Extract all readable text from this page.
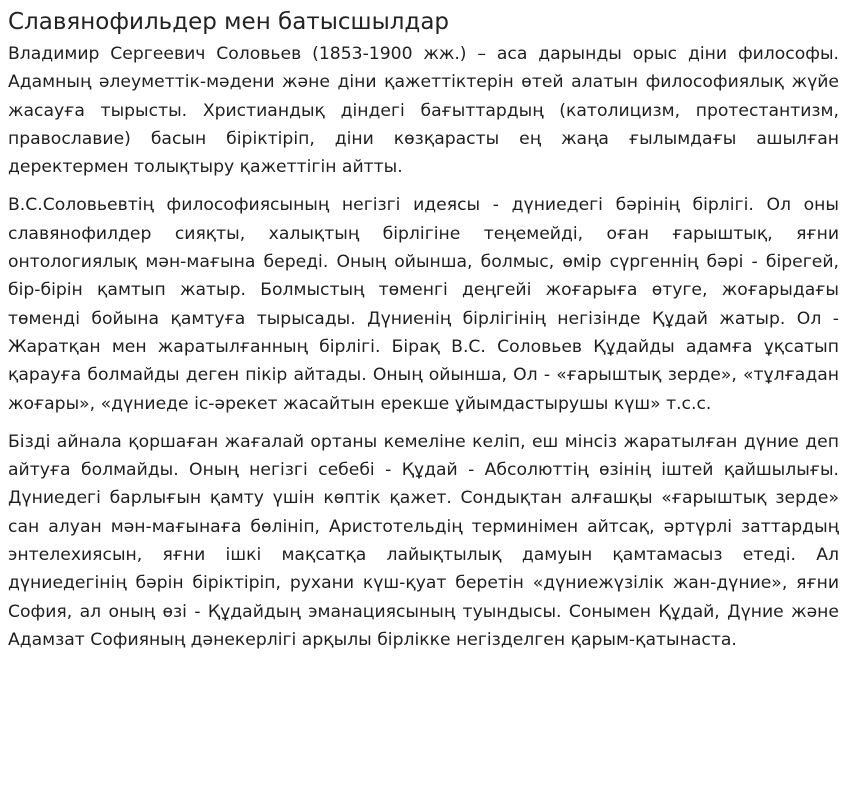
Славянофильдер мен батысшылдар

Владимир Сергеевич Соловьев (1853-1900 жж.) – аса дарынды орыс діни философы. Адамның әлеуметтік-мәдени және діни қажеттіктерін өтей алатын философиялық жүйе жасауға тырысты. Христиандық діндегі бағыттардың (католицизм, протестантизм, православие) басын біріктіріп, діни көзқарасты ең жаңа ғылымдағы ашылған деректермен толықтыру қажеттігін айтты.

В.С.Соловьевтің философиясының негізгі идеясы - дүниедегі бәрінің бірлігі. Ол оны славянофилдер сияқты, халықтың бірлігіне теңемейді, оған ғарыштық, яғни онтологиялық мән-мағына береді. Оның ойынша, болмыс, өмір сүргеннің бәрі - бірегей, бір-бірін қамтып жатыр. Болмыстың төменгі деңгейі жоғарыға өтуге, жоғарыдағы төменді бойына қамтуға тырысады. Дүниенің бірлігінің негізінде Құдай жатыр. Ол - Жаратқан мен жаратылғанның бірлігі. Бірақ В.С. Соловьев Құдайды адамға ұқсатып қарауға болмайды деген пікір айтады. Оның ойынша, Ол - «ғарыштық зерде», «тұлғадан жоғары», «дүниеде іс-әрекет жасайтын ерекше ұйымдастырушы күш» т.с.с.

Бізді айнала қоршаған жағалай ортаны кемеліне келіп, еш мінсіз жаратылған дүние деп айтуға болмайды. Оның негізгі себебі - Құдай - Абсолюттің өзінің іштей қайшылығы. Дүниедегі барлығын қамту үшін көптік қажет. Сондықтан алғашқы «ғарыштық зерде» сан алуан мән-мағынаға бөлініп, Аристотельдің терминімен айтсақ, әртүрлі заттардың энтелехиясын, яғни ішкі мақсатқа лайықтылық дамуын қамтамасыз етеді. Ал дүниедегінің бәрін біріктіріп, рухани күш-қуат беретін «дүниежүзілік жан-дүние», яғни София, ал оның өзі - Құдайдың эманациясының туындысы. Сонымен Құдай, Дүние және Адамзат Софияның дәнекерлігі арқылы бірлікке негізделген қарым-қатынаста.
